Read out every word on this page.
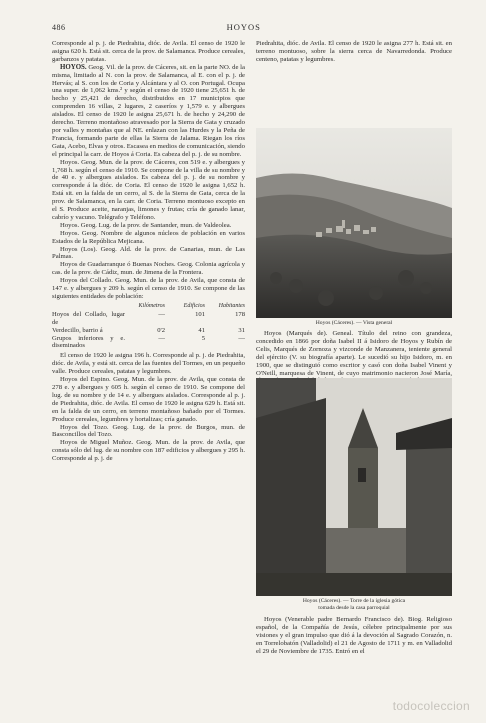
486	HOYOS

Corresponde al p. j. de Piedrahita, dióc. de Avila. El censo de 1920 le asigna 620 h. Está sit. cerca de la prov. de Salamanca. Produce cereales, garbanzos y patatas.

HOYOS. Geog. Vil. de la prov. de Cáceres, sit. en la parte NO. de la misma, limitado al N. con la prov. de Salamanca, al E. con el p. j. de Hervás; al S. con los de Coria y Alcántara y al O. con Portugal. Ocupa una super. de 1,062 kms.² y según el censo de 1920 tiene 25,651 h. de hecho y 25,421 de derecho, distribuidos en 17 municipios que comprenden 16 villas, 2 lugares, 2 caseríos y 1,579 e. y albergues aislados. El censo de 1920 le asigna 25,671 h. de hecho y 24,290 de derecho. Terreno montañoso atravesado por la Sierra de Gata y cruzado por valles y montañas que al NE. enlazan con las Hurdes y la Peña de Francia, formando parte de ellas la Sierra de Jalama. Riegan los ríos Gata, Acebo, Elvas y otros. Escasea en medios de comunicación, siendo el principal la carr. de Hoyos á Coria. Es cabeza del p. j. de su nombre.

Hoyos. Geog. Mun. de la prov. de Cáceres, con 519 e. y albergues y 1,768 h. según el censo de 1910. Se compone de la villa de su nombre y de 40 e. y albergues aislados. Es cabeza del p. j. de su nombre y corresponde á la dióc. de Coria. El censo de 1920 le asigna 1,652 h. Está sit. en la falda de un cerro, al S. de la Sierra de Gata, cerca de la prov. de Salamanca, en la carr. de Coria. Terreno montuoso excepto en el S. Produce aceite, naranjas, limones y frutas; cría de ganado lanar, cabrío y vacuno. Telégrafo y Teléfono.

Hoyos. Geog. Lug. de la prov. de Santander, mun. de Valdeolea.

Hoyos. Geog. Nombre de algunos núcleos de población en varios Estados de la República Mejicana.

Hoyos (Los). Geog. Ald. de la prov. de Canarias, mun. de Las Palmas.

Hoyos de Guadarranque ó Buenas Noches. Geog. Colonia agrícola y cas. de la prov. de Cádiz, mun. de Jimena de la Frontera.

Hoyos del Collado. Geog. Mun. de la prov. de Avila, que consta de 147 e. y albergues y 209 h. según el censo de 1910. Se compone de las siguientes entidades de población:

	Kilómetros	Edificios	Habitantes
Hoyos del Collado, lugar de	—	101	178
Verdecillo, barrio á	0'2	41	31
Grupos inferiores y e. diseminados	—	5	—

El censo de 1920 le asigna 196 h. Corresponde al p. j. de Piedrahita, dióc. de Avila, y está sit. cerca de las fuentes del Tormes, en un pequeño valle. Produce cereales, patatas y legumbres.

Hoyos del Espino. Geog. Mun. de la prov. de Avila, que consta de 278 e. y albergues y 605 h. según el censo de 1910. Se compone del lug. de su nombre y de 14 e. y albergues aislados. Corresponde al p. j. de Piedrahita, dióc. de Avila. El censo de 1920 le asigna 629 h. Está sit. en la falda de un cerro, en terreno montañoso bañado por el Tormes. Produce cereales, legumbres y hortalizas; cría ganado.

Hoyos del Tozo. Geog. Lug. de la prov. de Burgos, mun. de Basconcillos del Tozo.

Hoyos de Miguel Muñoz. Geog. Mun. de la prov. de Avila, que consta sólo del lug. de su nombre con 187 edificios y albergues y 295 h. Corresponde al p. j. de

Piedrahita, dióc. de Avila. El censo de 1920 le asigna 277 h. Está sit. en terreno montuoso, sobre la sierra cerca de Navarredonda. Produce centeno, patatas y legumbres.

Hoyos (Cáceres). — Vista general

Hoyos (Marqués de). Geneal. Título del reino con grandeza, concedido en 1866 por doña Isabel II á Isidoro de Hoyos y Rubín de Celis, Marqués de Zornoza y vizconde de Manzanera, teniente general del ejército (V. su biografía aparte). Le sucedió su hijo Isidoro, m. en 1900, que se distinguió como escritor y casó con doña Isabel Vinent y O'Neill, marquesa de Vinent, de cuyo matrimonio nacieron José María,

Hoyos (Cáceres). — Torre de la iglesia gótica
tomada desde la casa parroquial

Hoyos (Venerable padre Bernardo Francisco de). Biog. Religioso español, de la Compañía de Jesús, célebre principalmente por sus visiones y el gran impulso que dió á la devoción al Sagrado Corazón, n. en Torrelobatón (Valladolid) el 21 de Agosto de 1711 y m. en Valladolid el 29 de Noviembre de 1735. Entró en el

todocoleccion
